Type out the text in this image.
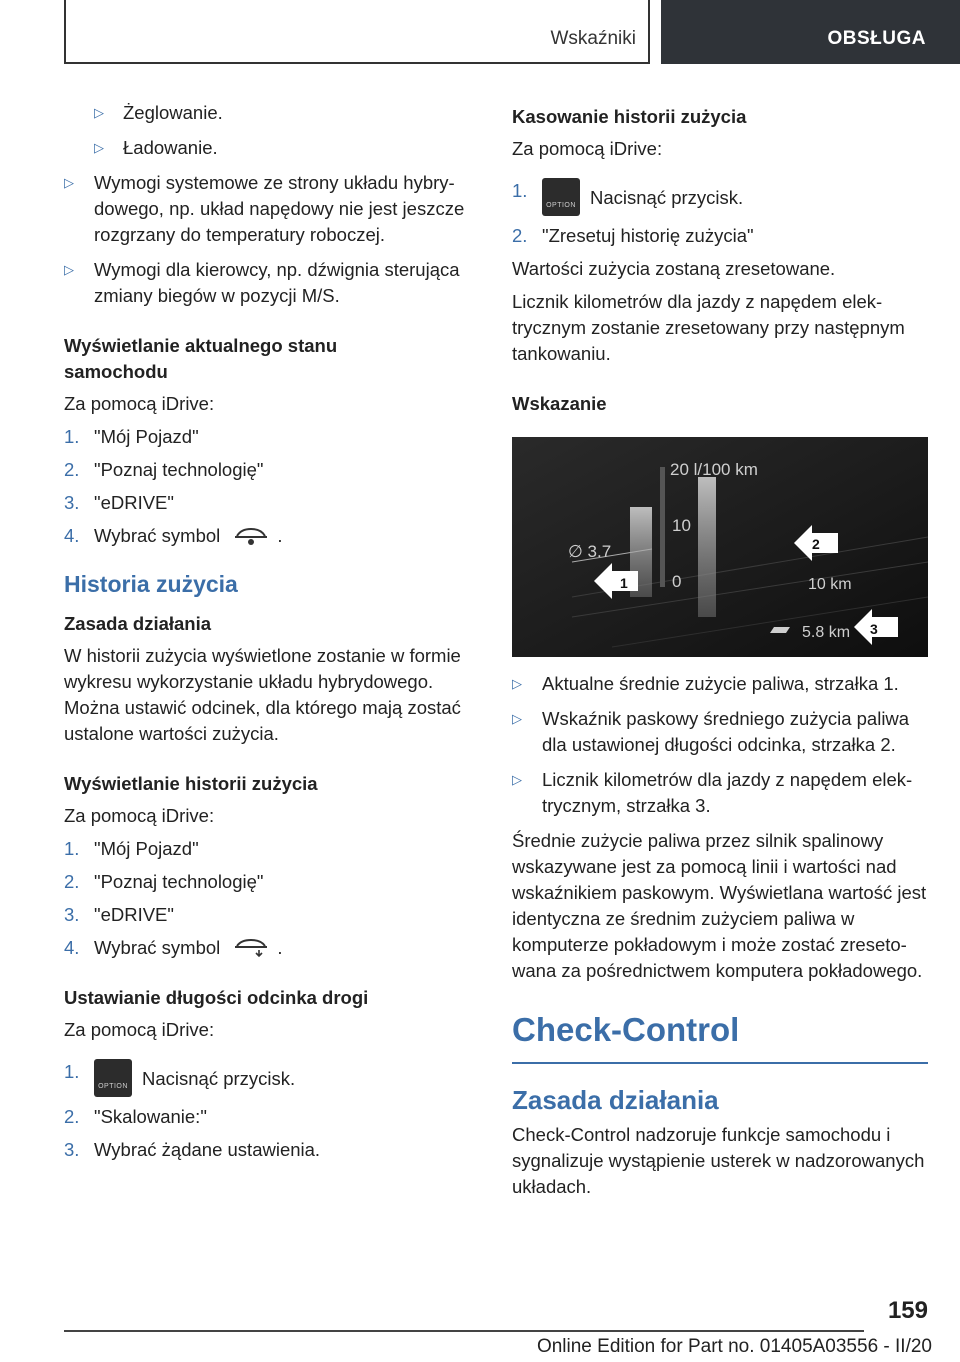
Wskaźniki	OBSŁUGA
▷ Żeglowanie.
▷ Ładowanie.
▷ Wymogi systemowe ze strony układu hybrydowego, np. układ napędowy nie jest jeszcze rozgrzany do temperatury roboczej.
▷ Wymogi dla kierowcy, np. dźwignia sterująca zmiany biegów w pozycji M/S.
Wyświetlanie aktualnego stanu samochodu
Za pomocą iDrive:
1. "Mój Pojazd"
2. "Poznaj technologię"
3. "eDRIVE"
4. Wybrać symbol	.
Historia zużycia
Zasada działania
W historii zużycia wyświetlone zostanie w formie wykresu wykorzystanie układu hybrydowego. Można ustawić odcinek, dla którego mają zostać ustalone wartości zużycia.
Wyświetlanie historii zużycia
Za pomocą iDrive:
1. "Mój Pojazd"
2. "Poznaj technologię"
3. "eDRIVE"
4. Wybrać symbol	.
Ustawianie długości odcinka drogi
Za pomocą iDrive:
1.
OPTION Nacisnąć przycisk.
2. "Skalowanie:"
3. Wybrać żądane ustawienia.
Kasowanie historii zużycia
Za pomocą iDrive:
1.
OPTION Nacisnąć przycisk.
2. "Zresetuj historię zużycia"
Wartości zużycia zostaną zresetowane.
Licznik kilometrów dla jazdy z napędem elektrycznym zostanie zresetowany przy następnym tankowaniu.
Wskazanie
20 l/100 km
10
0
∅ 3.7
10 km
5.8 km
1
2
3
▷ Aktualne średnie zużycie paliwa, strzałka 1.
▷ Wskaźnik paskowy średniego zużycia paliwa dla ustawionej długości odcinka, strzałka 2.
▷ Licznik kilometrów dla jazdy z napędem elektrycznym, strzałka 3.
Średnie zużycie paliwa przez silnik spalinowy wskazywane jest za pomocą linii i wartości nad wskaźnikiem paskowym. Wyświetlana wartość jest identyczna ze średnim zużyciem paliwa w komputerze pokładowym i może zostać zresetowana za pośrednictwem komputera pokładowego.
Check-Control
Zasada działania
Check-Control nadzoruje funkcje samochodu i sygnalizuje wystąpienie usterek w nadzorowanych układach.
159
Online Edition for Part no. 01405A03556 - II/20
